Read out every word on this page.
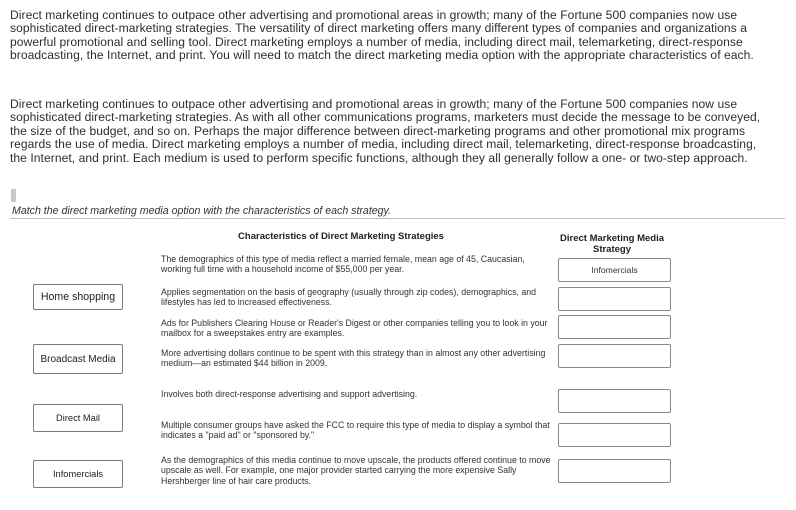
Direct marketing continues to outpace other advertising and promotional areas in growth; many of the Fortune 500 companies now use sophisticated direct-marketing strategies. The versatility of direct marketing offers many different types of companies and organizations a powerful promotional and selling tool. Direct marketing employs a number of media, including direct mail, telemarketing, direct-response broadcasting, the Internet, and print. You will need to match the direct marketing media option with the appropriate characteristics of each.

Direct marketing continues to outpace other advertising and promotional areas in growth; many of the Fortune 500 companies now use sophisticated direct-marketing strategies. As with all other communications programs, marketers must decide the message to be conveyed, the size of the budget, and so on. Perhaps the major difference between direct-marketing programs and other promotional mix programs regards the use of media. Direct marketing employs a number of media, including direct mail, telemarketing, direct-response broadcasting, the Internet, and print. Each medium is used to perform specific functions, although they all generally follow a one- or two-step approach.

Match the direct marketing media option with the characteristics of each strategy.
Characteristics of Direct Marketing Strategies	Direct Marketing Media Strategy
Home shopping
Broadcast Media
Direct Mail
Infomercials
The demographics of this type of media reflect a married female, mean age of 45, Caucasian, working full time with a household income of $55,000 per year.
Applies segmentation on the basis of geography (usually through zip codes), demographics, and lifestyles has led to increased effectiveness.
Ads for Publishers Clearing House or Reader's Digest or other companies telling you to look in your mailbox for a sweepstakes entry are examples.
More advertising dollars continue to be spent with this strategy than in almost any other advertising medium—an estimated $44 billion in 2009.
Involves both direct-response advertising and support advertising.
Multiple consumer groups have asked the FCC to require this type of media to display a symbol that indicates a "paid ad" or "sponsored by."
As the demographics of this media continue to move upscale, the products offered continue to move upscale as well. For example, one major provider started carrying the more expensive Sally Hershberger line of hair care products.
Infomercials
